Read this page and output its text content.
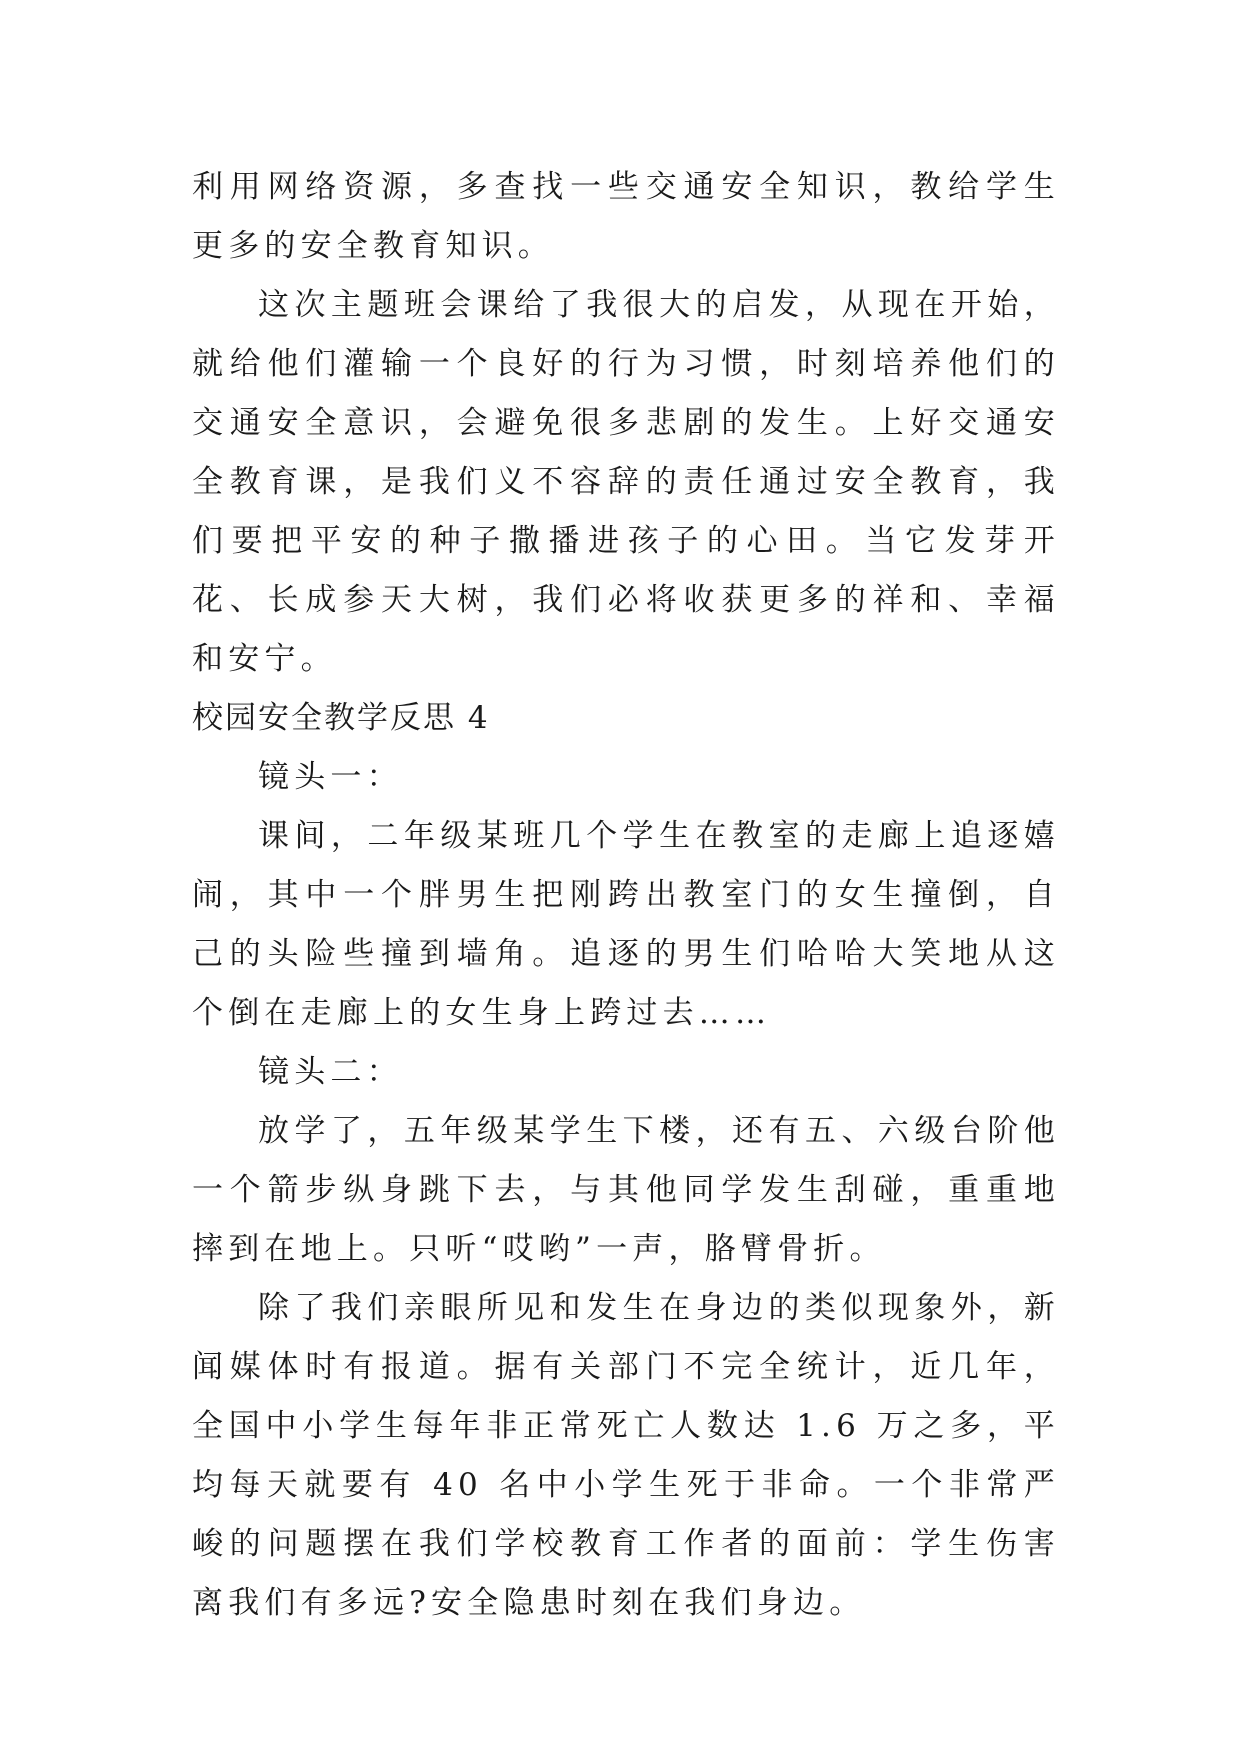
利用网络资源，多查找一些交通安全知识，教给学生更多的安全教育知识。

这次主题班会课给了我很大的启发，从现在开始，就给他们灌输一个良好的行为习惯，时刻培养他们的交通安全意识，会避免很多悲剧的发生。上好交通安全教育课，是我们义不容辞的责任通过安全教育，我们要把平安的种子撒播进孩子的心田。当它发芽开花、长成参天大树，我们必将收获更多的祥和、幸福和安宁。

校园安全教学反思 4

镜头一：

课间，二年级某班几个学生在教室的走廊上追逐嬉闹，其中一个胖男生把刚跨出教室门的女生撞倒，自己的头险些撞到墙角。追逐的男生们哈哈大笑地从这个倒在走廊上的女生身上跨过去……

镜头二：

放学了，五年级某学生下楼，还有五、六级台阶他一个箭步纵身跳下去，与其他同学发生刮碰，重重地摔到在地上。只听“哎哟”一声，胳臂骨折。

除了我们亲眼所见和发生在身边的类似现象外，新闻媒体时有报道。据有关部门不完全统计，近几年，全国中小学生每年非正常死亡人数达 1.6 万之多，平均每天就要有 40 名中小学生死于非命。一个非常严峻的问题摆在我们学校教育工作者的面前：学生伤害离我们有多远?安全隐患时刻在我们身边。
